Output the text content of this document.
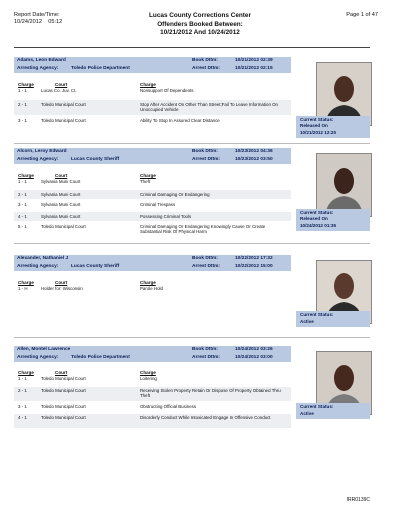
Report Date/Time:
10/24/2012 05:12
Lucas County Corrections Center
Offenders Booked Between:
10/21/2012 And 10/24/2012
Page 1 of 47
Adams, Leon Edward	Book Dttm:	10/21/2012 02:39
Arresting Agency:	Toledo Police Department	Arrest Dttm:	10/21/2012 02:15
Charge	Court	Charge
1 - 1	Lucas Co. Juv. Ct.	Nonsupport Of Dependents
2 - 1	Toledo Municipal Court	Stop After Accident On Other Than Street;Fail To Leave Information On Unoccupied Vehicle
3 - 1	Toledo Municipal Court	Ability To Stop In Assured Clear Distance	Current Status:
Released On
10/21/2012 12:20
Alcorn, Leroy Edward	Book Dttm:	10/23/2012 04:36
Arresting Agency:	Lucas County Sheriff	Arrest Dttm:	10/23/2012 03:50
Charge	Court	Charge
1 - 1	Sylvania Muni Court	Theft
2 - 1	Sylvania Muni Court	Criminal Damaging Or Endangering
3 - 1	Sylvania Muni Court	Criminal Trespass
4 - 1	Sylvania Muni Court	Possessing Criminal Tools
5 - 1	Toledo Municipal Court	Criminal Damaging Or Endangering Knowingly Cause Or Create Substantial Risk Of Physical Harm
Current Status:
Released On
10/24/2012 01:35
Alexander, Nathaniel J	Book Dttm:	10/22/2012 17:32
Arresting Agency:	Lucas County Sheriff	Arrest Dttm:	10/22/2012 15:00
Charge	Court	Charge
1 - H	Holder for: Wisconsin	Parole Hold
Current Status:
Active
Allen, Montel Lawrence	Book Dttm:	10/24/2012 03:26
Arresting Agency:	Toledo Police Department	Arrest Dttm:	10/24/2012 03:00
Charge	Court	Charge
1 - 1	Toledo Municipal Court	Loitering
2 - 1	Toledo Municipal Court	Receiving Stolen Property Retain Or Dispose Of Property Obtained Thru Theft
3 - 1	Toledo Municipal Court	Obstructing Official Business
4 - 1	Toledo Municipal Court	Disorderly Conduct While Intoxicated Engage In Offensive Conduct
Current Status:
Active
IRR0139C
